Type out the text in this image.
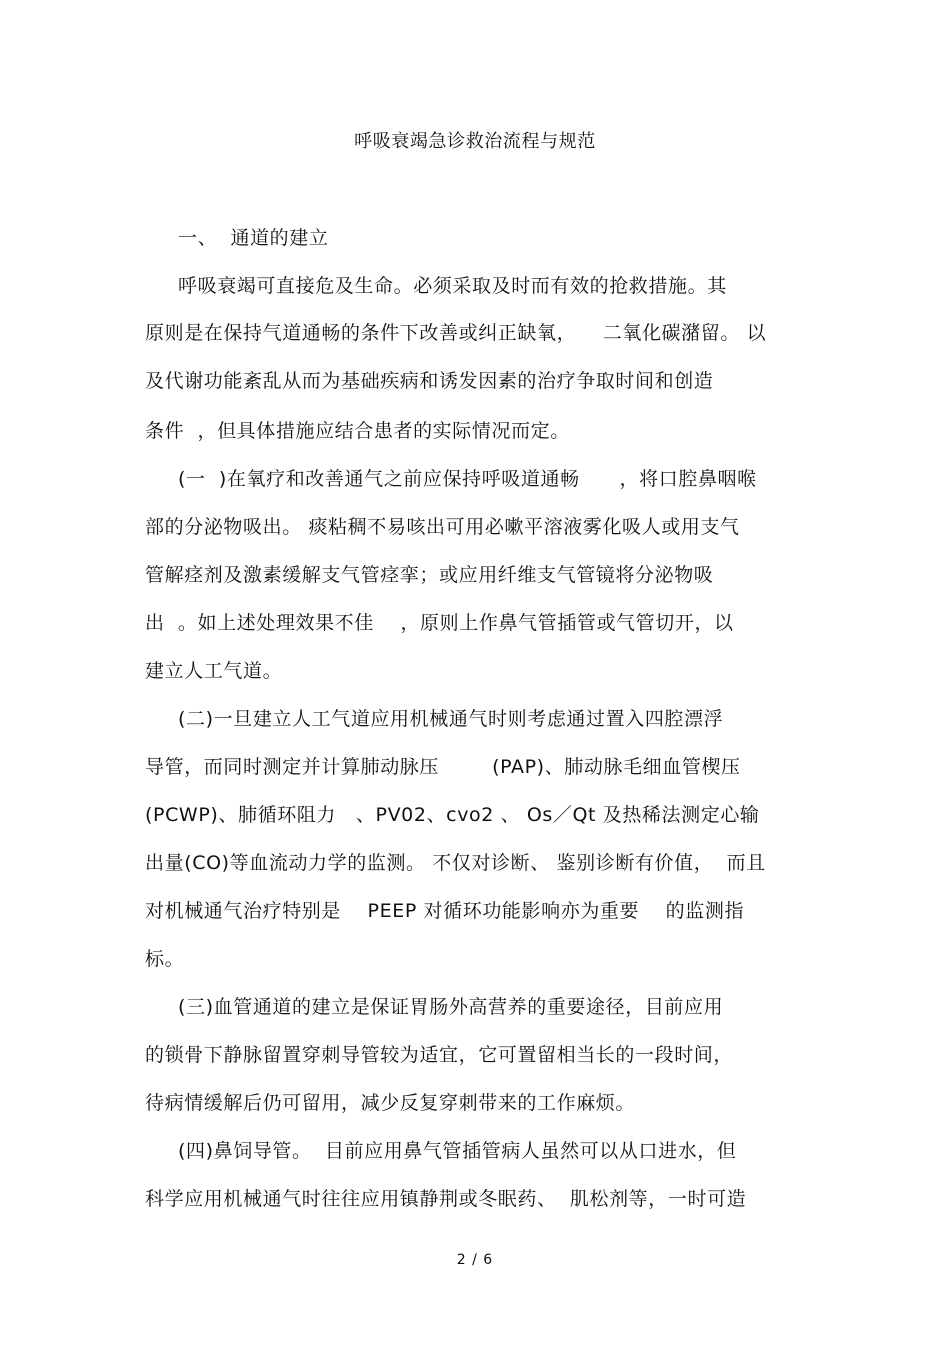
呼吸衰竭急诊救治流程与规范
一、  通道的建立
呼吸衰竭可直接危及生命。必须采取及时而有效的抢救措施。其
原则是在保持气道通畅的条件下改善或纠正缺氧，    二氧化碳潴留。 以
及代谢功能紊乱从而为基础疾病和诱发因素的治疗争取时间和创造
条件  ，但具体措施应结合患者的实际情况而定。
(一  )在氧疗和改善通气之前应保持呼吸道通畅      ，将口腔鼻咽喉
部的分泌物吸出。 痰粘稠不易咳出可用必嗽平溶液雾化吸人或用支气
管解痉剂及激素缓解支气管痉挛；或应用纤维支气管镜将分泌物吸
出  。如上述处理效果不佳    ，原则上作鼻气管插管或气管切开，以
建立人工气道。
(二)一旦建立人工气道应用机械通气时则考虑通过置入四腔漂浮
导管，而同时测定并计算肺动脉压        (PAP)、肺动脉毛细血管楔压
(PCWP)、肺循环阻力   、PV02、cvo2 、 Os／Qt 及热稀法测定心输
出量(CO)等血流动力学的监测。 不仅对诊断、 鉴别诊断有价值，  而且
对机械通气治疗特别是    PEEP 对循环功能影响亦为重要    的监测指
标。
(三)血管通道的建立是保证胃肠外高营养的重要途径，目前应用
的锁骨下静脉留置穿刺导管较为适宜，它可置留相当长的一段时间，
待病情缓解后仍可留用，减少反复穿刺带来的工作麻烦。
(四)鼻饲导管。  目前应用鼻气管插管病人虽然可以从口进水，但
科学应用机械通气时往往应用镇静荆或冬眠药、  肌松剂等，一时可造
2 / 6
